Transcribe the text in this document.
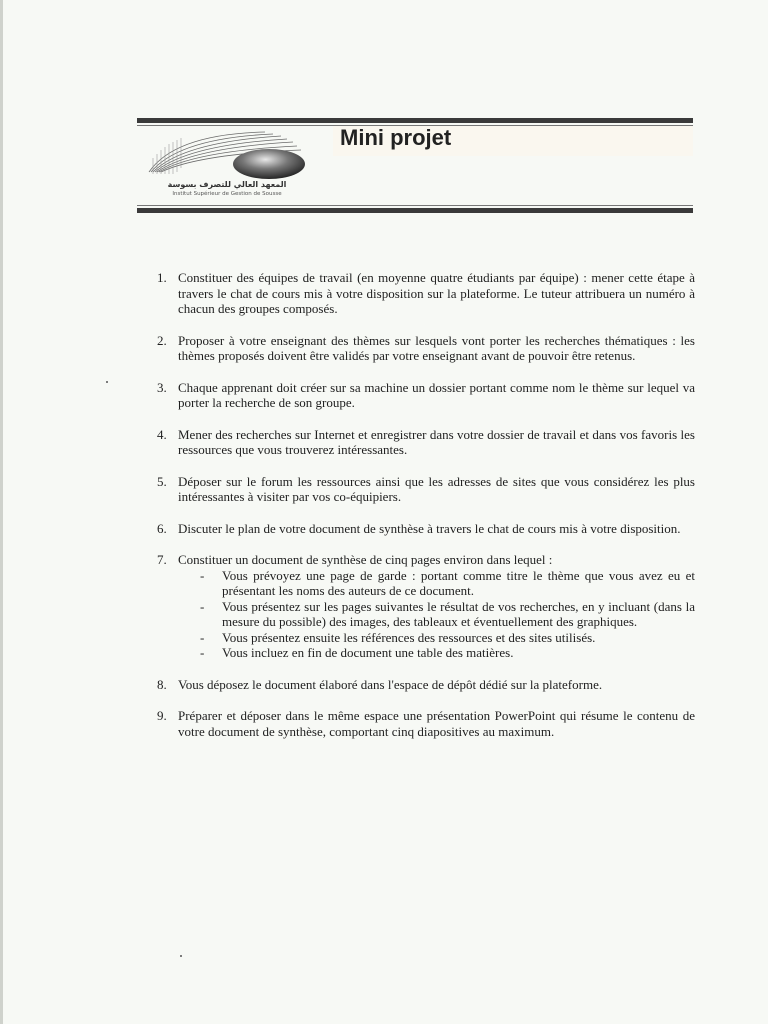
المعهد العالي للتصرف بسوسة
Institut Supérieur de Gestion de Sousse
Mini projet
1. Constituer des équipes de travail (en moyenne quatre étudiants par équipe) : mener cette étape à travers le chat de cours mis à votre disposition sur la plateforme. Le tuteur attribuera un numéro à chacun des groupes composés.
2. Proposer à votre enseignant des thèmes sur lesquels vont porter les recherches thématiques : les thèmes proposés doivent être validés par votre enseignant avant de pouvoir être retenus.
3. Chaque apprenant doit créer sur sa machine un dossier portant comme nom le thème sur lequel va porter la recherche de son groupe.
4. Mener des recherches sur Internet et enregistrer dans votre dossier de travail et dans vos favoris les ressources que vous trouverez intéressantes.
5. Déposer sur le forum les ressources ainsi que les adresses de sites que vous considérez les plus intéressantes à visiter par vos co-équipiers.
6. Discuter le plan de votre document de synthèse à travers le chat de cours mis à votre disposition.
7. Constituer un document de synthèse de cinq pages environ dans lequel :
- Vous prévoyez une page de garde : portant comme titre le thème que vous avez eu et présentant les noms des auteurs de ce document.
- Vous présentez sur les pages suivantes le résultat de vos recherches, en y incluant (dans la mesure du possible) des images, des tableaux et éventuellement des graphiques.
- Vous présentez ensuite les références des ressources et des sites utilisés.
- Vous incluez en fin de document une table des matières.
8. Vous déposez le document élaboré dans l'espace de dépôt dédié sur la plateforme.
9. Préparer et déposer dans le même espace une présentation PowerPoint qui résume le contenu de votre document de synthèse, comportant cinq diapositives au maximum.
